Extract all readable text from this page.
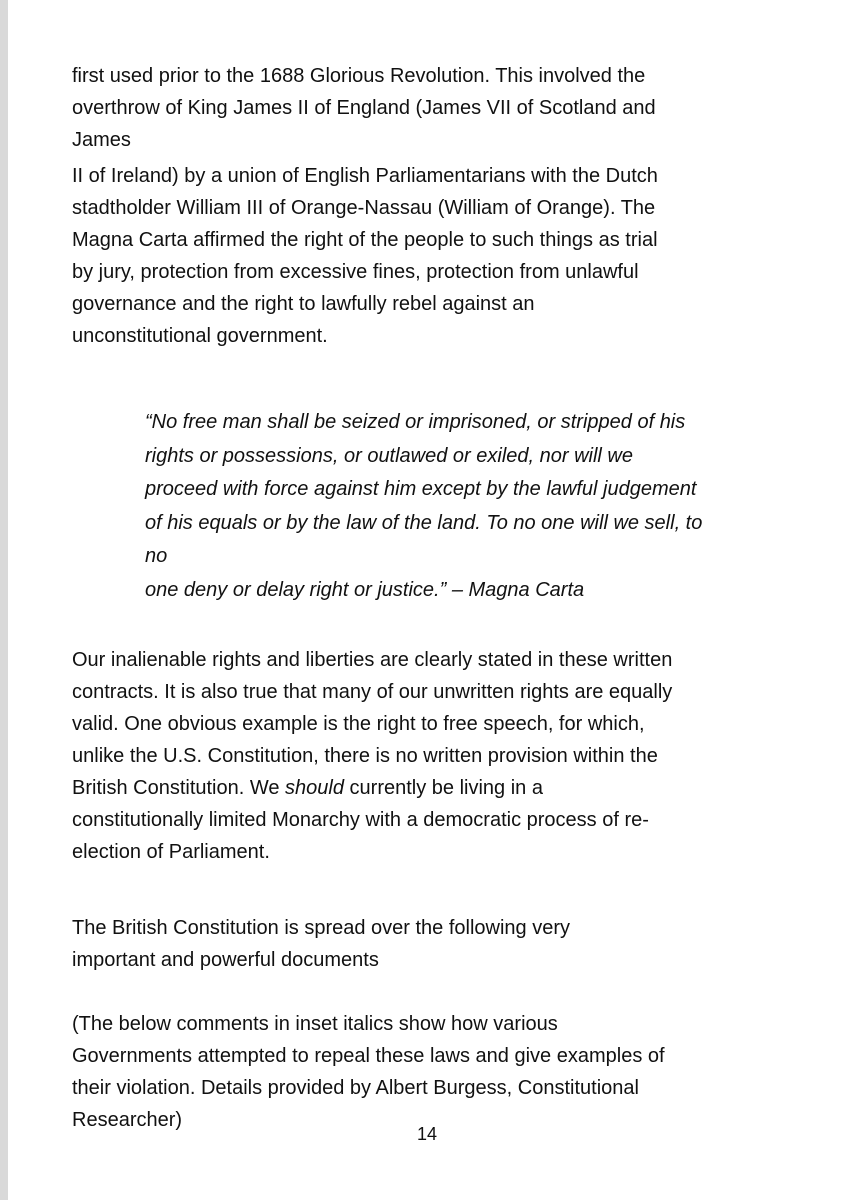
first used prior to the 1688 Glorious Revolution. This involved the
overthrow of King James II of England (James VII of Scotland and
James
II of Ireland) by a union of English Parliamentarians with the Dutch
stadtholder William III of Orange-Nassau (William of Orange). The
Magna Carta affirmed the right of the people to such things as trial
by jury, protection from excessive fines, protection from unlawful
governance and the right to lawfully rebel against an
unconstitutional government.
“No free man shall be seized or imprisoned, or stripped of his
rights or possessions, or outlawed or exiled, nor will we
proceed with force against him except by the lawful judgement
of his equals or by the law of the land. To no one will we sell, to
no
one deny or delay right or justice.” – Magna Carta
Our inalienable rights and liberties are clearly stated in these written
contracts. It is also true that many of our unwritten rights are equally
valid. One obvious example is the right to free speech, for which,
unlike the U.S. Constitution, there is no written provision within the
British Constitution. We should currently be living in a
constitutionally limited Monarchy with a democratic process of re-
election of Parliament.
The British Constitution is spread over the following very
important and powerful documents
(The below comments in inset italics show how various
Governments attempted to repeal these laws and give examples of
their violation. Details provided by Albert Burgess, Constitutional
Researcher)
14
